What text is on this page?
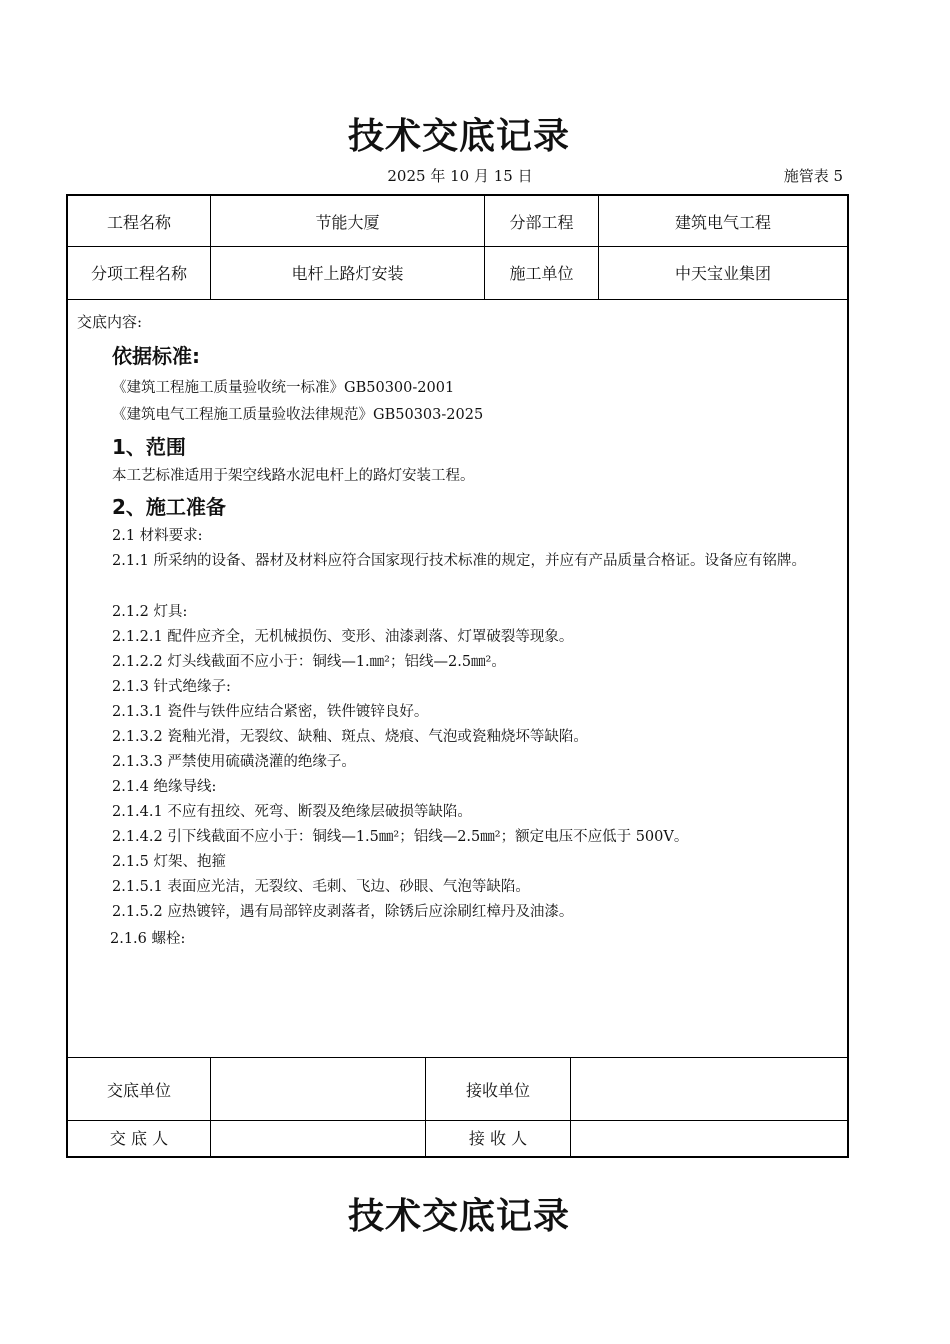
技术交底记录
2025 年 10 月 15 日	施管表 5
工程名称	节能大厦	分部工程	建筑电气工程
分项工程名称	电杆上路灯安装	施工单位	中天宝业集团
交底内容:
依据标准:
《建筑工程施工质量验收统一标准》GB50300-2001
《建筑电气工程施工质量验收法律规范》GB50303-2025
1、范围
本工艺标准适用于架空线路水泥电杆上的路灯安装工程。
2、施工准备
2.1 材料要求:
2.1.1 所采纳的设备、器材及材料应符合国家现行技术标准的规定，并应有产品质量合格证。设备应有铭牌。
2.1.2 灯具:
2.1.2.1 配件应齐全，无机械损伤、变形、油漆剥落、灯罩破裂等现象。
2.1.2.2 灯头线截面不应小于：铜线—1.㎜²；铝线—2.5㎜²。
2.1.3 针式绝缘子:
2.1.3.1 瓷件与铁件应结合紧密，铁件镀锌良好。
2.1.3.2 瓷釉光滑，无裂纹、缺釉、斑点、烧痕、气泡或瓷釉烧坏等缺陷。
2.1.3.3 严禁使用硫磺浇灌的绝缘子。
2.1.4 绝缘导线:
2.1.4.1 不应有扭绞、死弯、断裂及绝缘层破损等缺陷。
2.1.4.2 引下线截面不应小于：铜线—1.5㎜²；铝线—2.5㎜²；额定电压不应低于 500V。
2.1.5 灯架、抱箍
2.1.5.1 表面应光洁，无裂纹、毛刺、飞边、砂眼、气泡等缺陷。
2.1.5.2 应热镀锌，遇有局部锌皮剥落者，除锈后应涂刷红樟丹及油漆。
2.1.6 螺栓:
交底单位	接收单位
交 底 人	接 收 人
技术交底记录
